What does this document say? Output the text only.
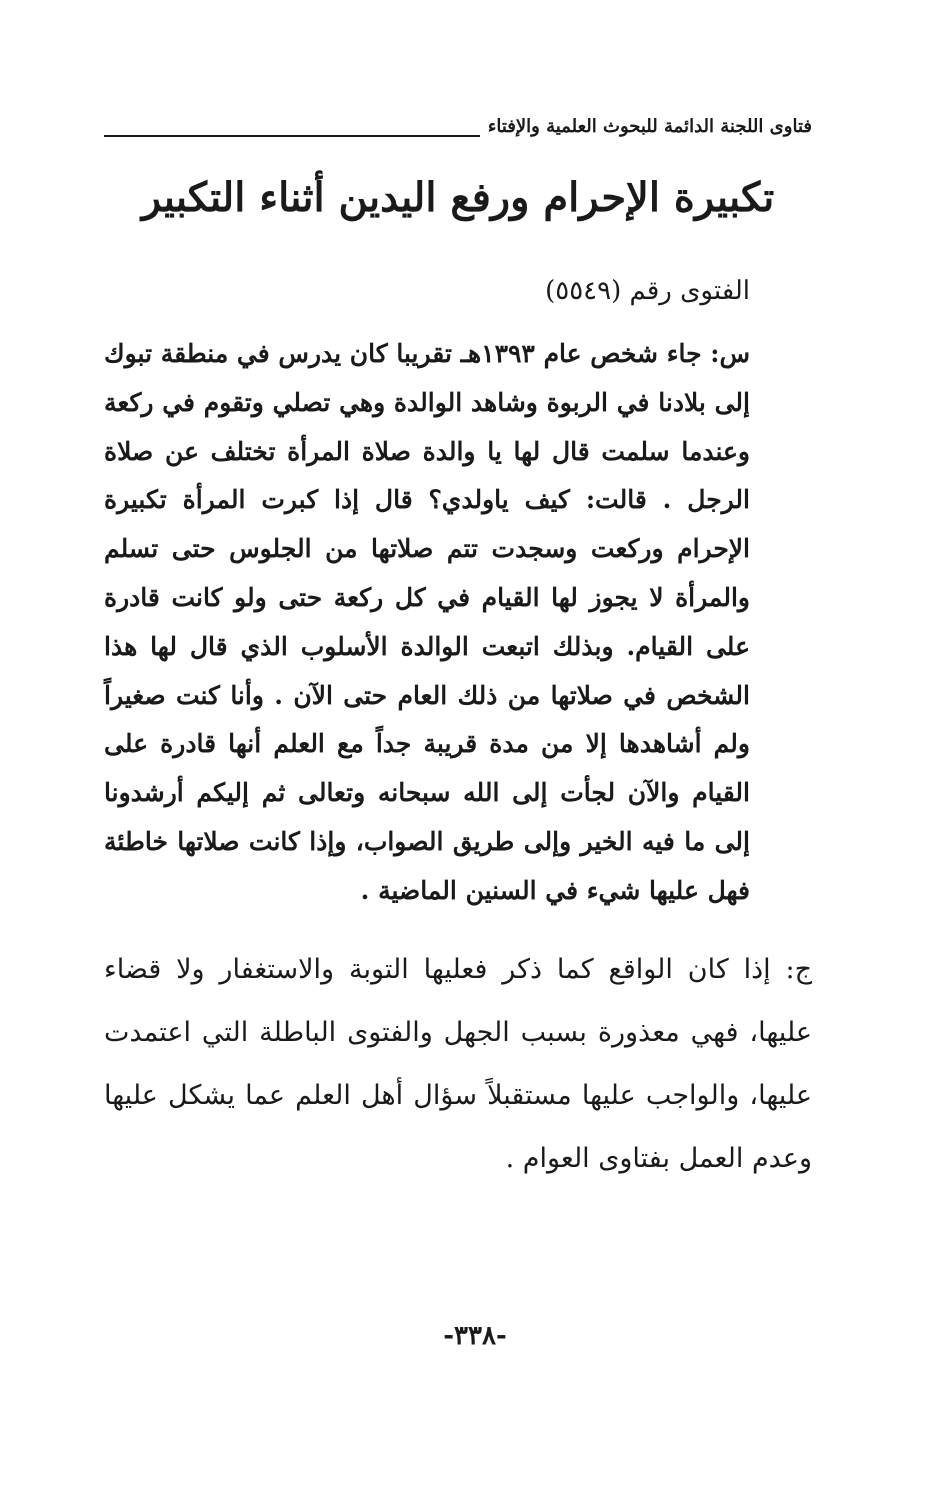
فتاوى اللجنة الدائمة للبحوث العلمية والإفتاء
تكبيرة الإحرام ورفع اليدين أثناء التكبير

الفتوى رقم (٥٥٤٩)

س: جاء شخص عام ١٣٩٣هـ تقريبا كان يدرس في منطقة تبوك إلى بلادنا في الربوة وشاهد الوالدة وهي تصلي وتقوم في ركعة وعندما سلمت قال لها يا والدة صلاة المرأة تختلف عن صلاة الرجل . قالت: كيف ياولدي؟ قال إذا كبرت المرأة تكبيرة الإحرام وركعت وسجدت تتم صلاتها من الجلوس حتى تسلم والمرأة لا يجوز لها القيام في كل ركعة حتى ولو كانت قادرة على القيام. وبذلك اتبعت الوالدة الأسلوب الذي قال لها هذا الشخص في صلاتها من ذلك العام حتى الآن . وأنا كنت صغيراً ولم أشاهدها إلا من مدة قريبة جداً مع العلم أنها قادرة على القيام والآن لجأت إلى الله سبحانه وتعالى ثم إليكم أرشدونا إلى ما فيه الخير وإلى طريق الصواب، وإذا كانت صلاتها خاطئة فهل عليها شيء في السنين الماضية .

ج: إذا كان الواقع كما ذكر فعليها التوبة والاستغفار ولا قضاء عليها، فهي معذورة بسبب الجهل والفتوى الباطلة التي اعتمدت عليها، والواجب عليها مستقبلاً سؤال أهل العلم عما يشكل عليها وعدم العمل بفتاوى العوام .

-٣٣٨-
